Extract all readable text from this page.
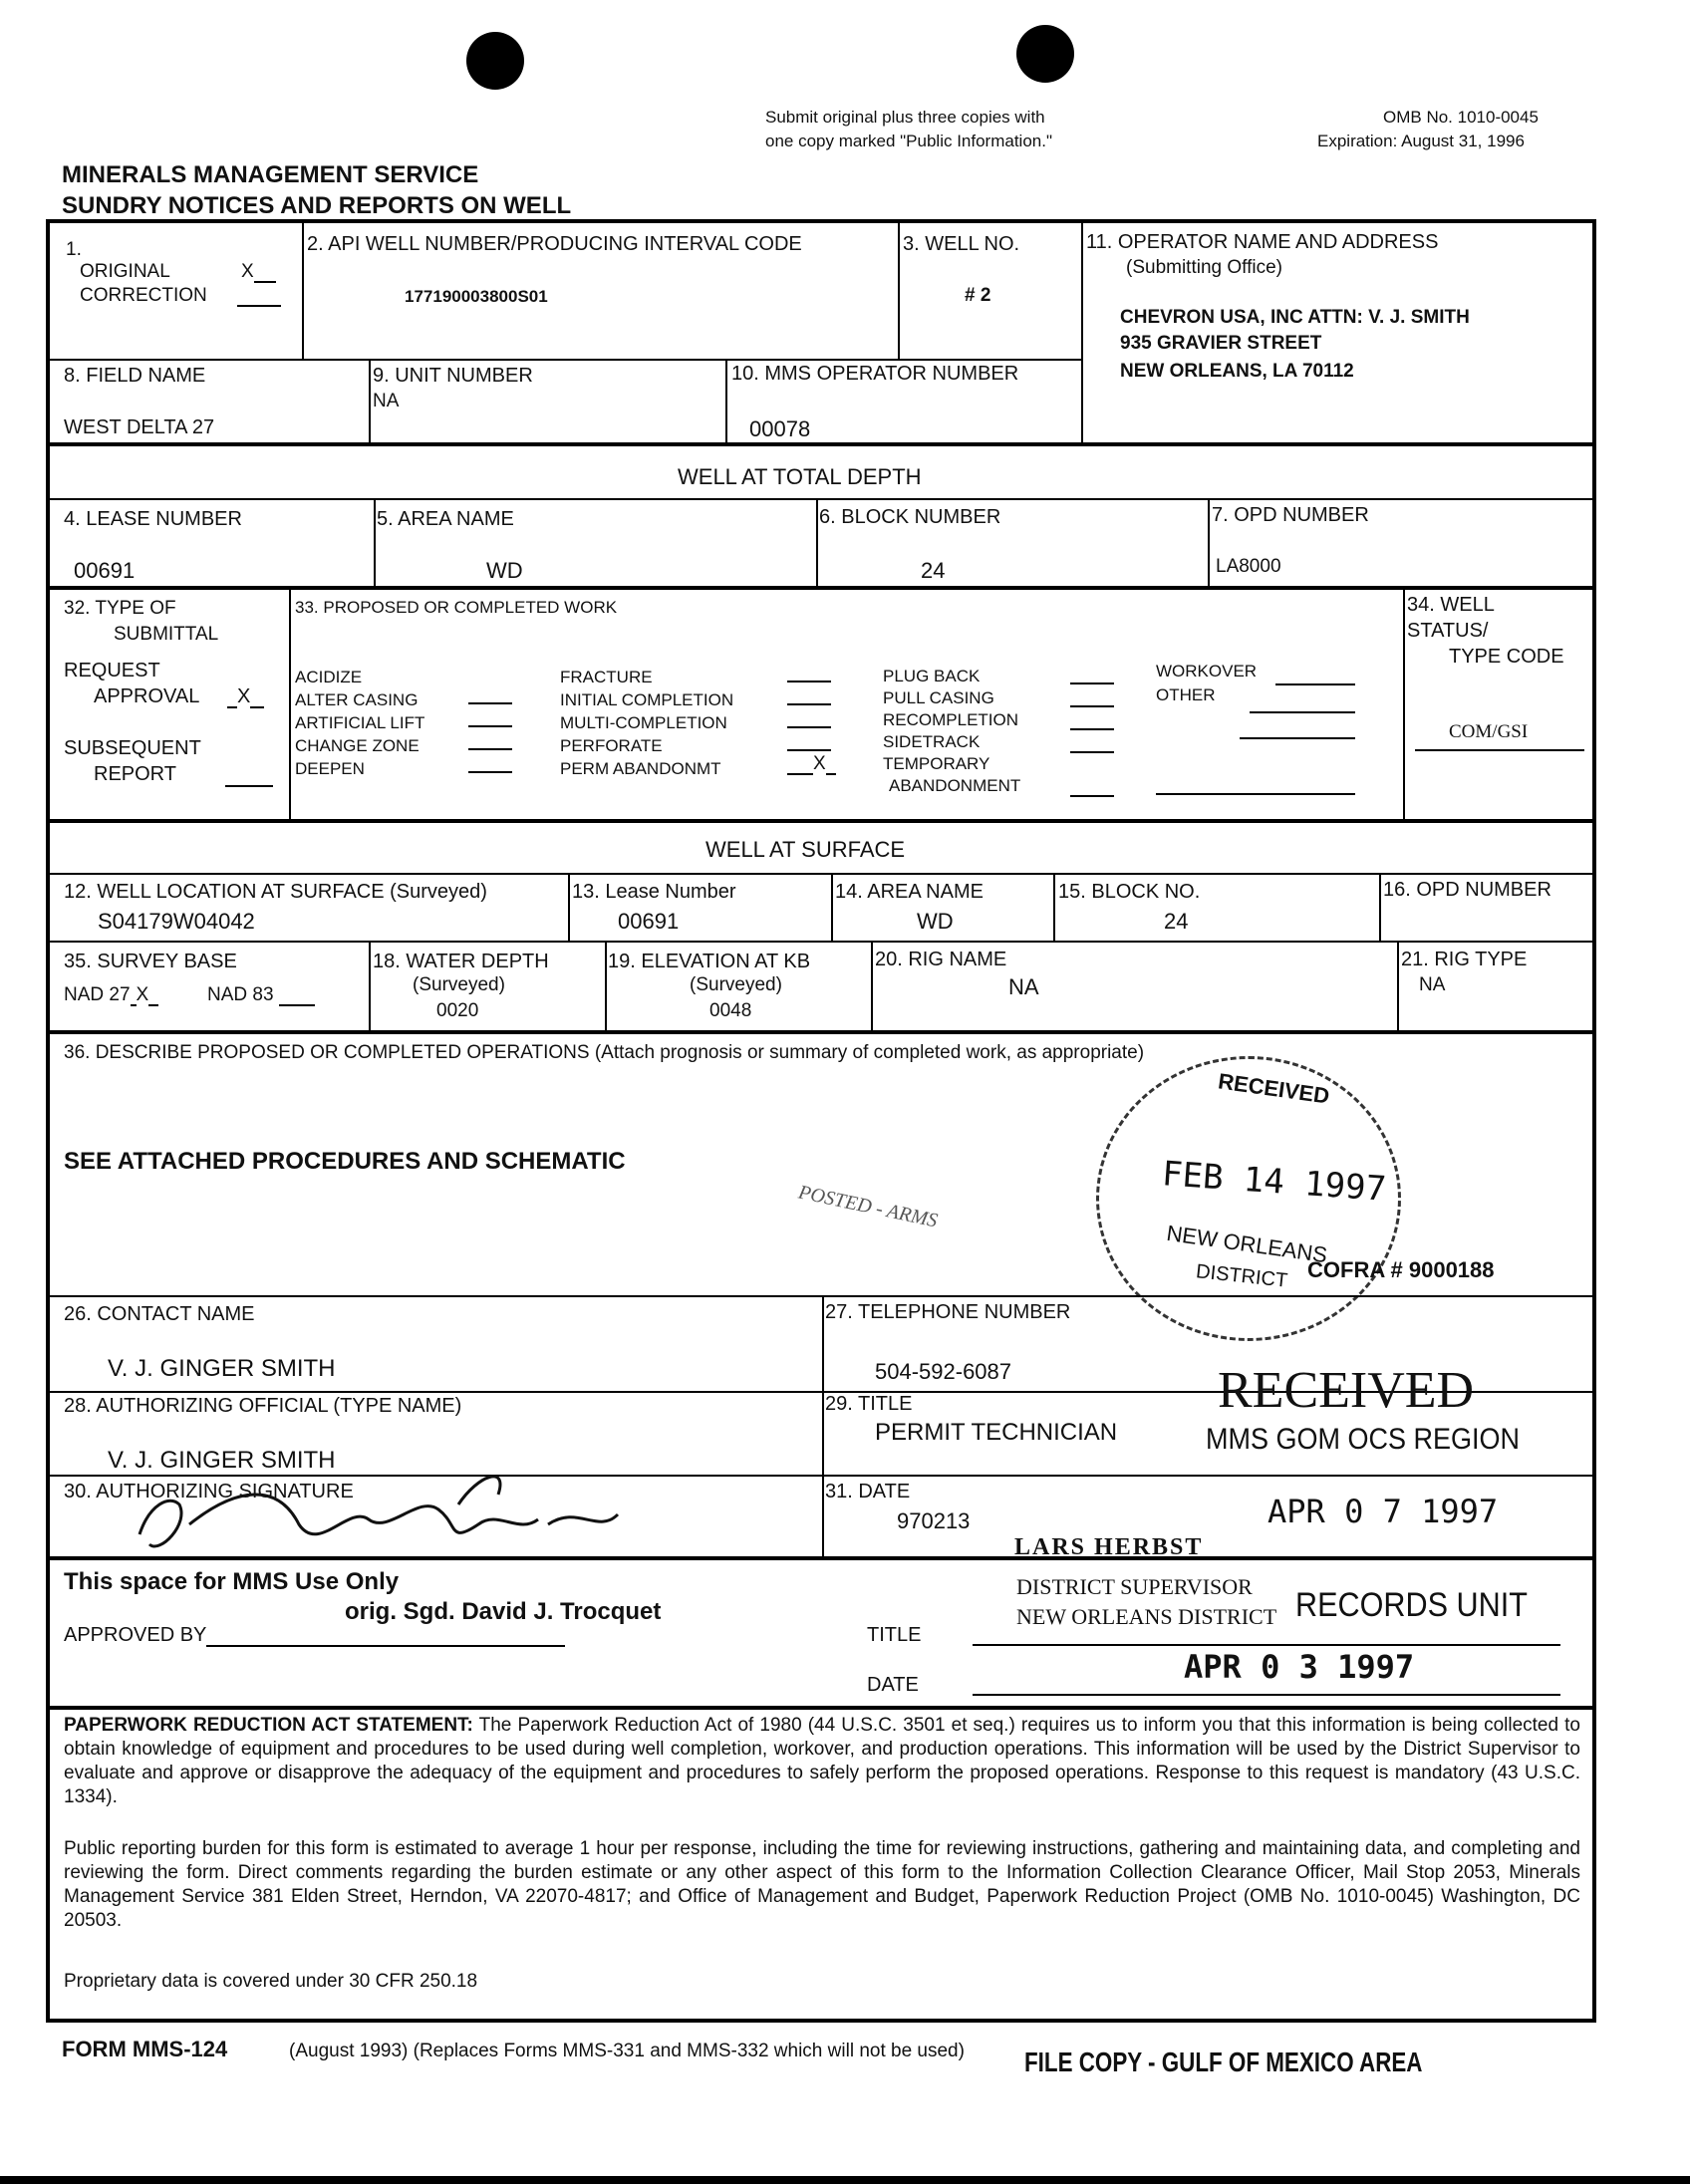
Submit original plus three copies with
one copy marked "Public Information."
OMB No. 1010-0045
Expiration: August 31, 1996
MINERALS MANAGEMENT SERVICE
SUNDRY NOTICES AND REPORTS ON WELL
1.
ORIGINAL	X
CORRECTION
2. API WELL NUMBER/PRODUCING INTERVAL CODE
177190003800S01
3. WELL NO.
# 2
11. OPERATOR NAME AND ADDRESS
(Submitting Office)
CHEVRON USA, INC ATTN: V. J. SMITH
935 GRAVIER STREET
NEW ORLEANS, LA 70112
8. FIELD NAME
WEST DELTA 27
9. UNIT NUMBER
NA
10. MMS OPERATOR NUMBER
00078
WELL AT TOTAL DEPTH
4. LEASE NUMBER
00691
5. AREA NAME
WD
6. BLOCK NUMBER
24
7. OPD NUMBER
LA8000
32. TYPE OF
SUBMITTAL
REQUEST
APPROVAL	X
SUBSEQUENT
REPORT
33. PROPOSED OR COMPLETED WORK
ACIDIZE
ALTER CASING
ARTIFICIAL LIFT
CHANGE ZONE
DEEPEN
FRACTURE
INITIAL COMPLETION
MULTI-COMPLETION
PERFORATE
PERM ABANDONMT	X
PLUG BACK
PULL CASING
RECOMPLETION
SIDETRACK
TEMPORARY
ABANDONMENT
WORKOVER
OTHER
34. WELL
STATUS/
TYPE CODE
COM/GSI
WELL AT SURFACE
12. WELL LOCATION AT SURFACE (Surveyed)
S04179W04042
13. Lease Number
00691
14. AREA NAME
WD
15. BLOCK NO.
24
16. OPD NUMBER
35. SURVEY BASE
NAD 27 X	NAD 83
18. WATER DEPTH
(Surveyed)
0020
19. ELEVATION AT KB
(Surveyed)
0048
20. RIG NAME
NA
21. RIG TYPE
NA
36. DESCRIBE PROPOSED OR COMPLETED OPERATIONS (Attach prognosis or summary of completed work, as appropriate)
SEE ATTACHED PROCEDURES AND SCHEMATIC
POSTED - ARMS
RECEIVED
FEB 14 1997
NEW ORLEANS
DISTRICT COFRA # 9000188
26. CONTACT NAME
V. J. GINGER SMITH
27. TELEPHONE NUMBER
504-592-6087	RECEIVED
MMS GOM OCS REGION
28. AUTHORIZING OFFICIAL (TYPE NAME)
V. J. GINGER SMITH
29. TITLE
PERMIT TECHNICIAN
30. AUTHORIZING SIGNATURE	31. DATE
970213	APR 0 7 1997
This space for MMS Use Only
APPROVED BY
orig. Sgd. David J. Trocquet
LARS HERBST
TITLE
DISTRICT SUPERVISOR
NEW ORLEANS DISTRICT RECORDS UNIT
DATE	APR 0 3 1997
PAPERWORK REDUCTION ACT STATEMENT: The Paperwork Reduction Act of 1980 (44 U.S.C. 3501 et seq.) requires us to inform you that this information is being collected to obtain knowledge of equipment and procedures to be used during well completion, workover, and production operations. This information will be used by the District Supervisor to evaluate and approve or disapprove the adequacy of the equipment and procedures to safely perform the proposed operations. Response to this request is mandatory (43 U.S.C. 1334).
Public reporting burden for this form is estimated to average 1 hour per response, including the time for reviewing instructions, gathering and maintaining data, and completing and reviewing the form. Direct comments regarding the burden estimate or any other aspect of this form to the Information Collection Clearance Officer, Mail Stop 2053, Minerals Management Service 381 Elden Street, Herndon, VA 22070-4817; and Office of Management and Budget, Paperwork Reduction Project (OMB No. 1010-0045) Washington, DC 20503.
Proprietary data is covered under 30 CFR 250.18
FORM MMS-124	(August 1993) (Replaces Forms MMS-331 and MMS-332 which will not be used) FILE COPY - GULF OF MEXICO AREA
